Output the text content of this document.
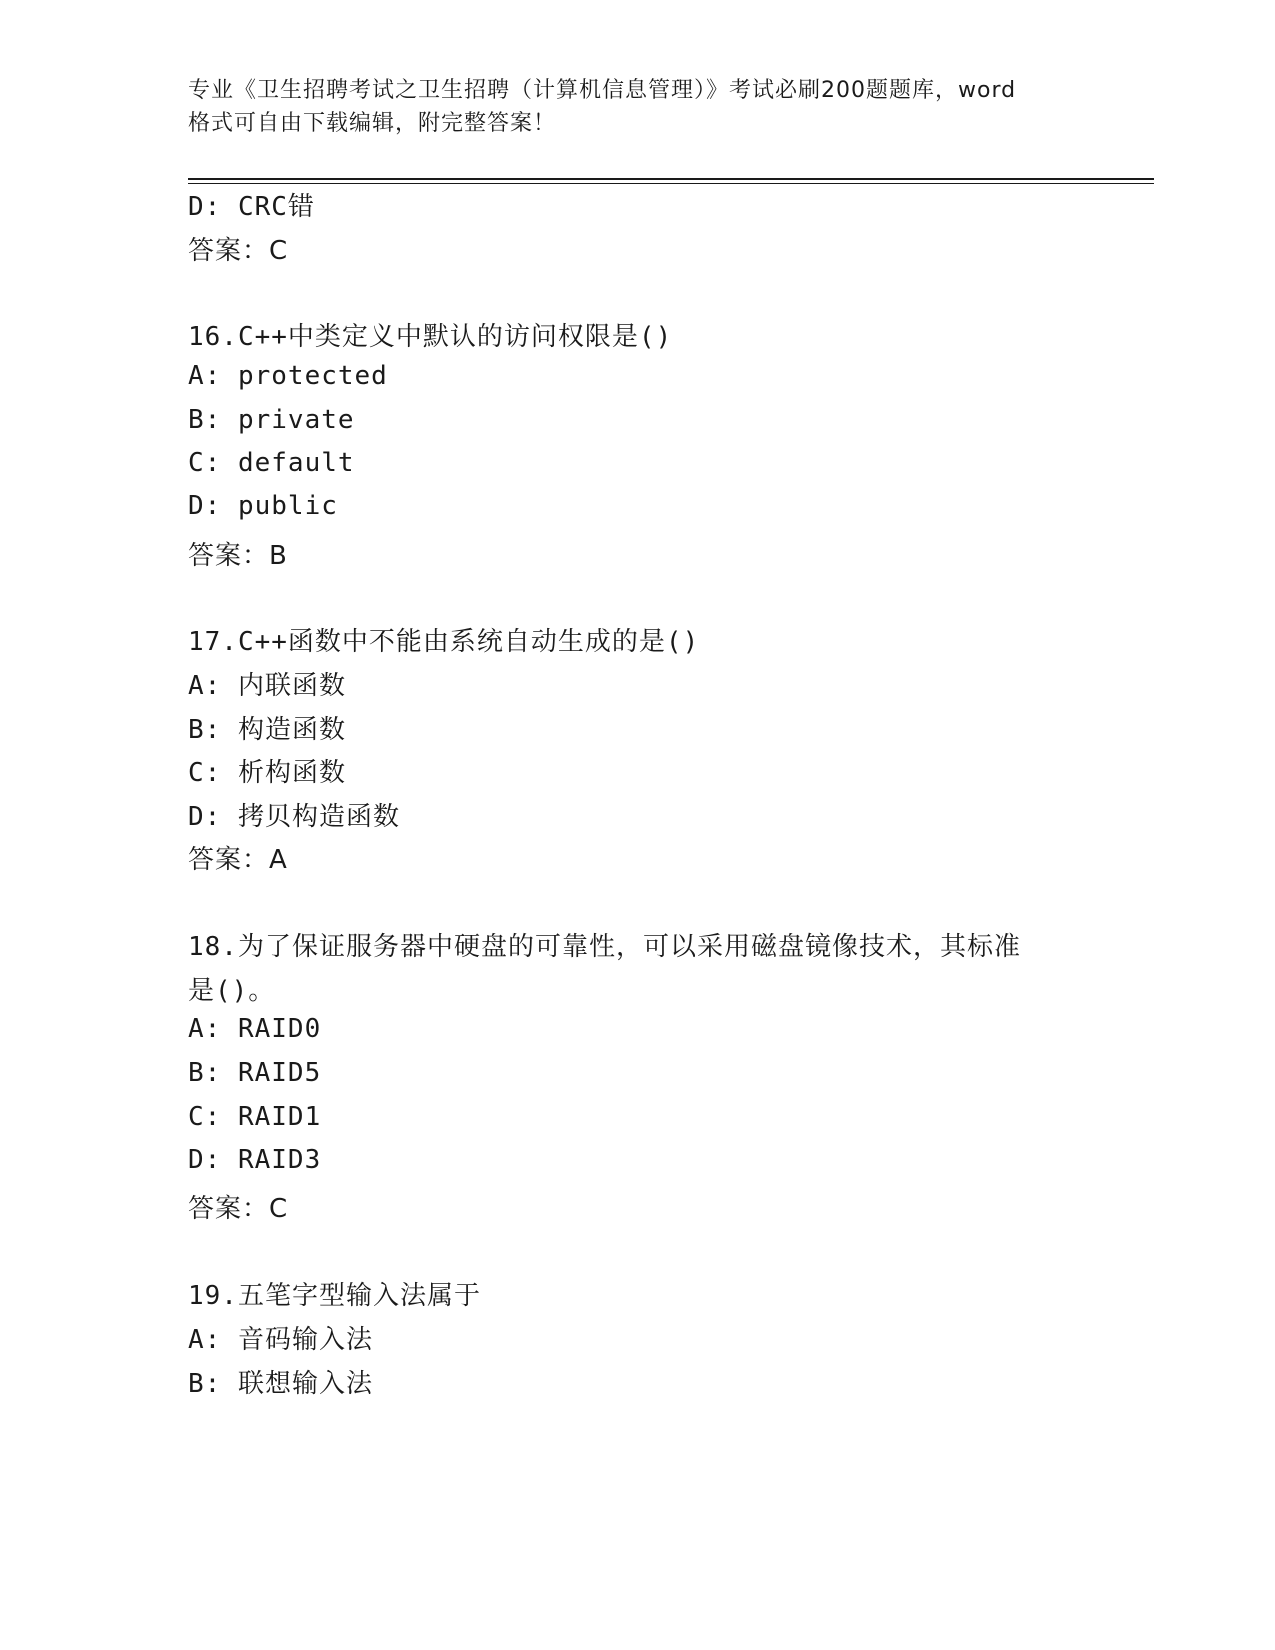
专业《卫生招聘考试之卫生招聘（计算机信息管理）》考试必刷200题题库，word
格式可自由下载编辑，附完整答案！
D: CRC错
答案：C
16.C++中类定义中默认的访问权限是()
A: protected
B: private
C: default
D: public
答案：B
17.C++函数中不能由系统自动生成的是()
A: 内联函数
B: 构造函数
C: 析构函数
D: 拷贝构造函数
答案：A
18.为了保证服务器中硬盘的可靠性，可以采用磁盘镜像技术，其标准
是()。
A: RAID0
B: RAID5
C: RAID1
D: RAID3
答案：C
19.五笔字型输入法属于
A: 音码输入法
B: 联想输入法
